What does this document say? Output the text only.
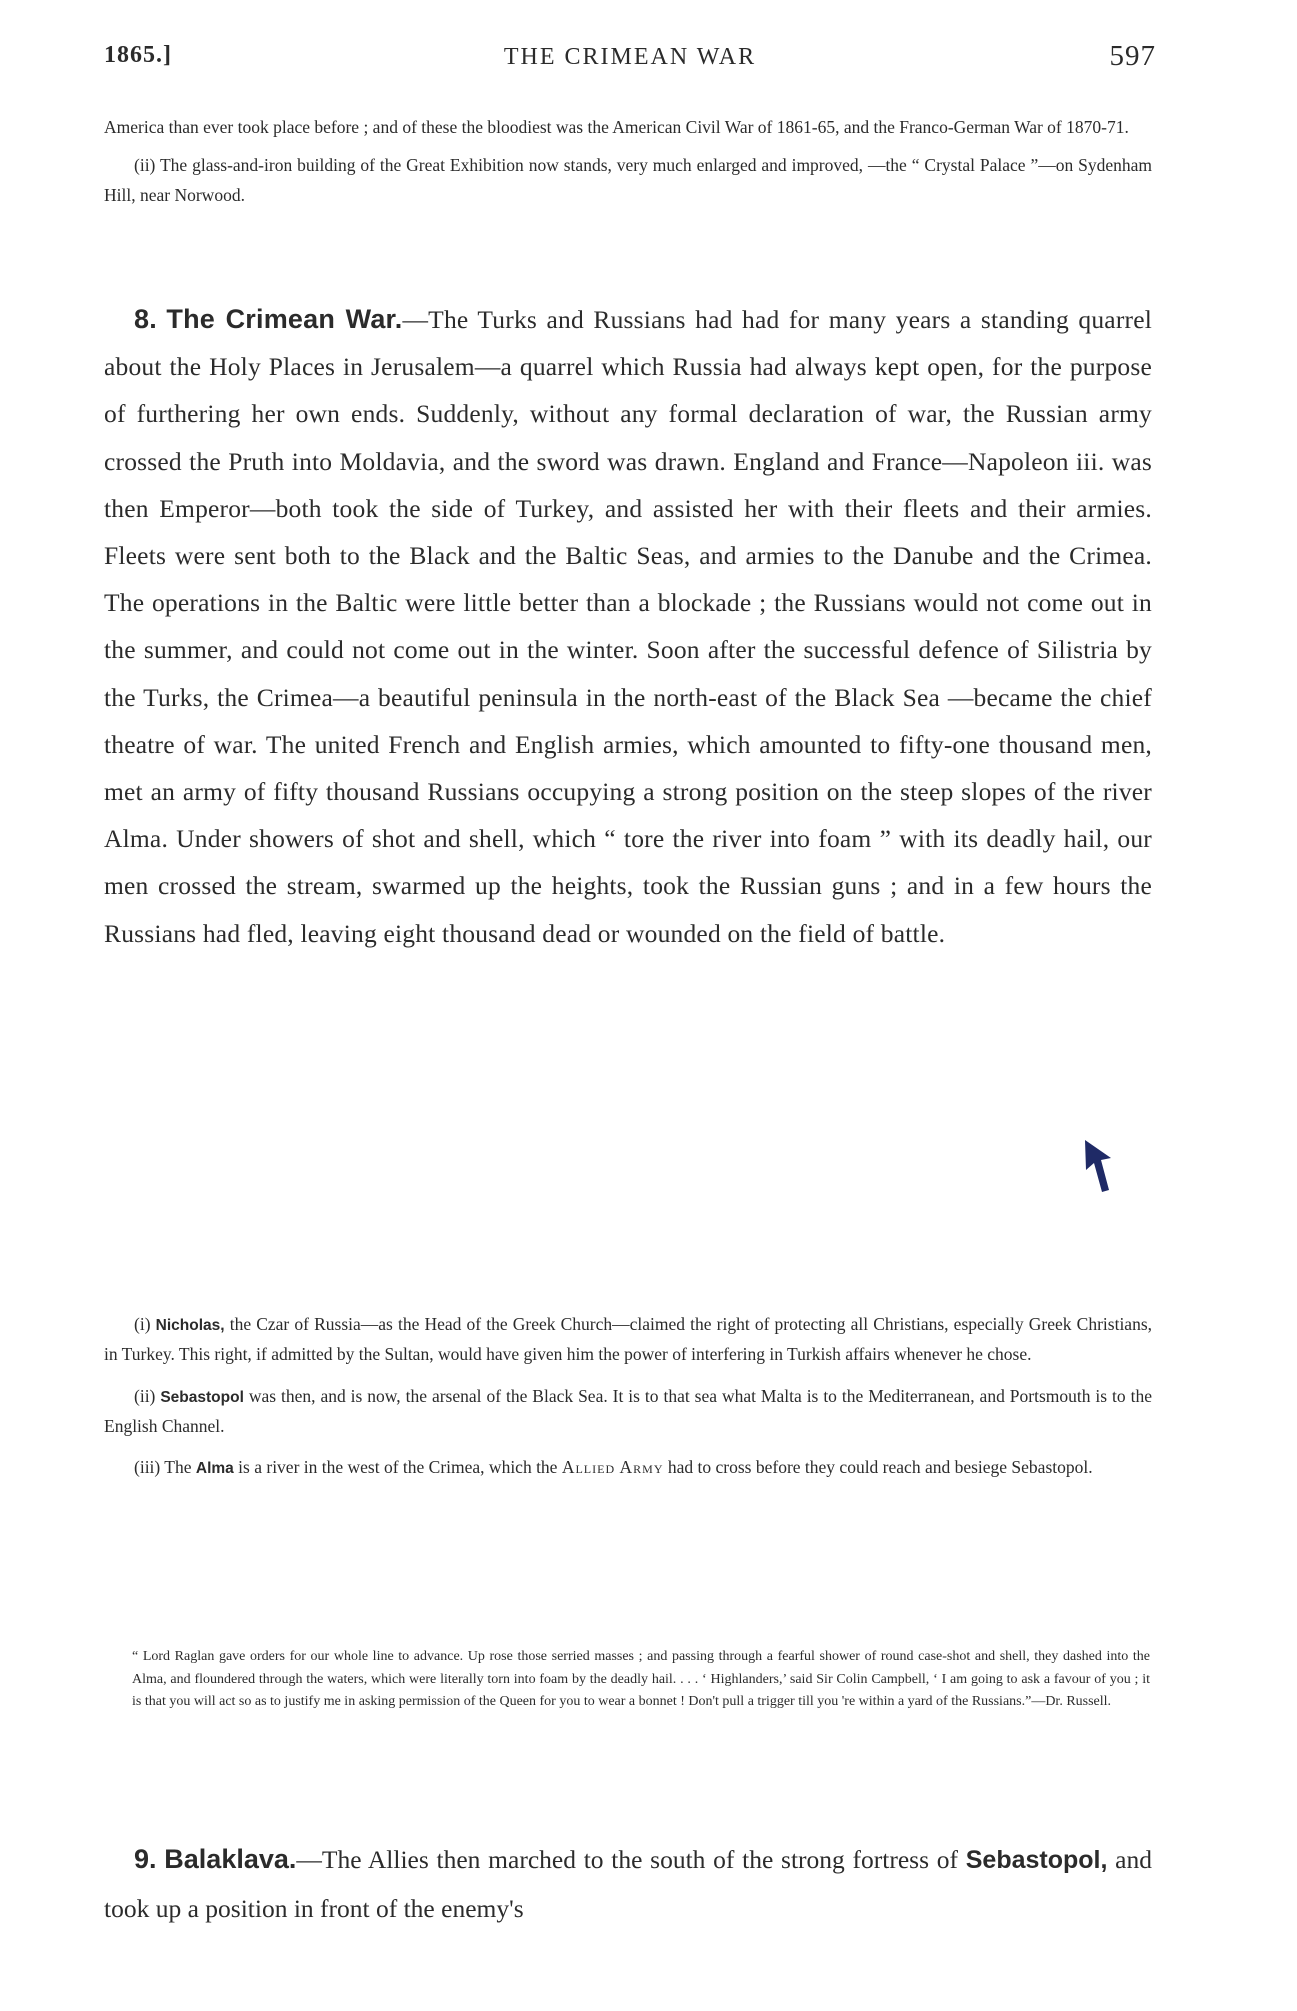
1865.]	THE CRIMEAN WAR	597

America than ever took place before ; and of these the bloodiest was the American Civil War of 1861-65, and the Franco-German War of 1870-71.

(ii) The glass-and-iron building of the Great Exhibition now stands, very much enlarged and improved, —the “ Crystal Palace ”—on Sydenham Hill, near Norwood.

8. The Crimean War.—The Turks and Russians had had for many years a standing quarrel about the Holy Places in Jerusalem—a quarrel which Russia had always kept open, for the purpose of furthering her own ends. Suddenly, without any formal declaration of war, the Russian army crossed the Pruth into Moldavia, and the sword was drawn. England and France—Napoleon iii. was then Emperor—both took the side of Turkey, and assisted her with their fleets and their armies. Fleets were sent both to the Black and the Baltic Seas, and armies to the Danube and the Crimea. The operations in the Baltic were little better than a blockade ; the Russians would not come out in the summer, and could not come out in the winter. Soon after the successful defence of Silistria by the Turks, the Crimea—a beautiful peninsula in the north-east of the Black Sea —became the chief theatre of war. The united French and English armies, which amounted to fifty-one thousand men, met an army of fifty thousand Russians occupying a strong position on the steep slopes of the river Alma. Under showers of shot and shell, which “ tore the river into foam ” with its deadly hail, our men crossed the stream, swarmed up the heights, took the Russian guns ; and in a few hours the Russians had fled, leaving eight thousand dead or wounded on the field of battle.

(i) Nicholas, the Czar of Russia—as the Head of the Greek Church—claimed the right of protecting all Christians, especially Greek Christians, in Turkey. This right, if admitted by the Sultan, would have given him the power of interfering in Turkish affairs whenever he chose.

(ii) Sebastopol was then, and is now, the arsenal of the Black Sea. It is to that sea what Malta is to the Mediterranean, and Portsmouth is to the English Channel.

(iii) The Alma is a river in the west of the Crimea, which the Allied Army had to cross before they could reach and besiege Sebastopol.

“ Lord Raglan gave orders for our whole line to advance. Up rose those serried masses ; and passing through a fearful shower of round case-shot and shell, they dashed into the Alma, and floundered through the waters, which were literally torn into foam by the deadly hail. . . . ‘ Highlanders,’ said Sir Colin Campbell, ‘ I am going to ask a favour of you ; it is that you will act so as to justify me in asking permission of the Queen for you to wear a bonnet ! Don't pull a trigger till you 're within a yard of the Russians.”—Dr. Russell.

9. Balaklava.—The Allies then marched to the south of the strong fortress of Sebastopol, and took up a position in front of the enemy's
